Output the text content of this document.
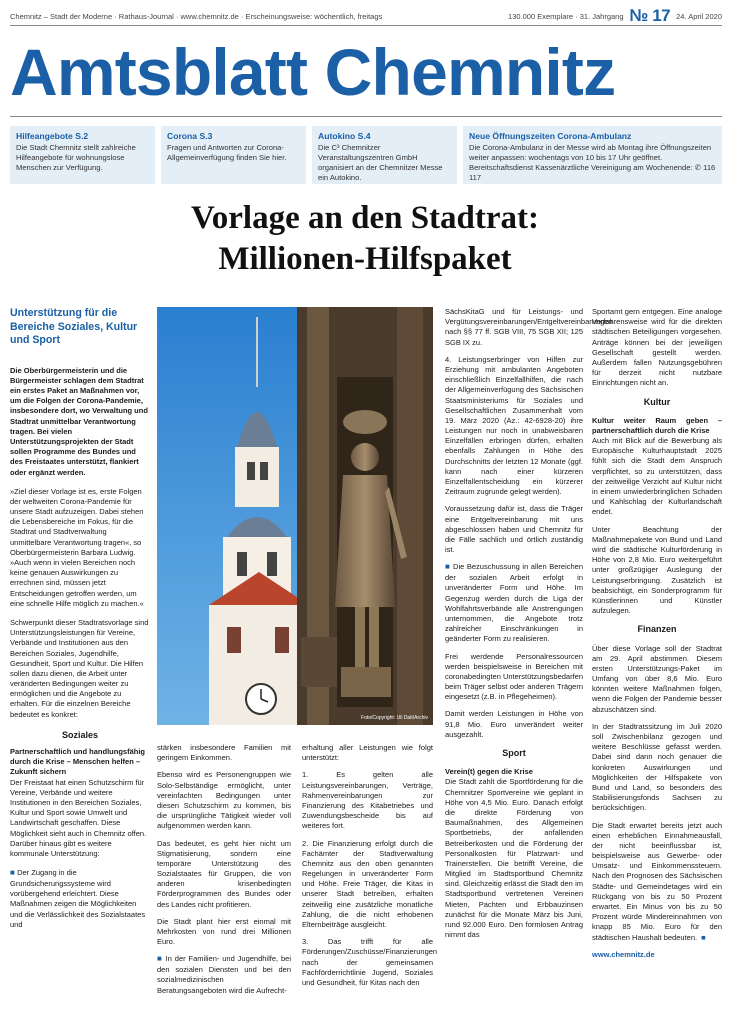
Chemnitz – Stadt der Moderne · Rathaus-Journal · www.chemnitz.de · Erscheinungsweise: wöchentlich, freitags	130.000 Exemplare · 31. Jahrgang № 17 24. April 2020
Amtsblatt Chemnitz
Hilfeangebote S.2
Die Stadt Chemnitz stellt zahlreiche Hilfeangebote für wohnungslose Menschen zur Verfügung.
Corona S.3
Fragen und Antworten zur Corona-Allgemeinverfügung finden Sie hier.
Autokino S.4
Die C³ Chemnitzer Veranstaltungszentren GmbH organisiert an der Chemnitzer Messe ein Autokino.
Neue Öffnungszeiten Corona-Ambulanz
Die Corona-Ambulanz in der Messe wird ab Montag ihre Öffnungszeiten weiter anpassen: wochentags von 10 bis 17 Uhr geöffnet. Bereitschaftsdienst Kassenärztliche Vereinigung am Wochenende: ✆ 116 117
Vorlage an den Stadtrat:
Millionen-Hilfspaket
Unterstützung für die Bereiche Soziales, Kultur und Sport

Die Oberbürgermeisterin und die Bürgermeister schlagen dem Stadtrat ein erstes Paket an Maßnahmen vor, um die Folgen der Corona-Pandemie, insbesondere dort, wo Verwaltung und Stadtrat unmittelbar Verantwortung tragen. Bei vielen Unterstützungsprojekten der Stadt sollen Programme des Bundes und des Freistaates unterstützt, flankiert oder ergänzt werden.

»Ziel dieser Vorlage ist es, erste Folgen der weltweiten Corona-Pandemie für unsere Stadt aufzuzeigen. Dabei stehen die Lebensbereiche im Fokus, für die Stadtrat und Stadtverwaltung unmittelbare Verantwortung tragen«, so Oberbürgermeisterin Barbara Ludwig. »Auch wenn in vielen Bereichen noch keine genauen Auswirkungen zu errechnen sind, müssen jetzt Entscheidungen getroffen werden, um eine schnelle Hilfe möglich zu machen.«

Schwerpunkt dieser Stadtratsvorlage sind Unterstützungsleistungen für Vereine, Verbände und Institutionen aus den Bereichen Soziales, Jugendhilfe, Gesundheit, Sport und Kultur. Die Hilfen sollen dazu dienen, die Arbeit unter veränderten Bedingungen weiter zu ermöglichen und die Angebote zu erhalten. Für die einzelnen Bereiche bedeutet es konkret:

Soziales
Partnerschaftlich und handlungsfähig durch die Krise – Menschen helfen – Zukunft sichern

Der Freistaat hat einen Schutzschirm für Vereine, Verbände und weitere Institutionen in den Bereichen Soziales, Kultur und Sport sowie Umwelt und Landwirtschaft geschaffen. Diese Möglichkeit sieht auch in Chemnitz offen. Darüber hinaus gibt es weitere kommunale Unterstützung:

■ Der Zugang in die Grundsicherungssysteme wird vorübergehend erleichtert. Diese Maßnahmen zeigen die Möglichkeiten und die Verlässlichkeit des Sozialstaates und

Foto/Copyright: Uli Dalt/Archiv

stärken insbesondere Familien mit geringem Einkommen.

Ebenso wird es Personengruppen wie Solo-Selbständige ermöglicht, unter vereinfachten Bedingungen unter diesen Schutzschirm zu kommen, bis die ursprüngliche Tätigkeit wieder voll aufgenommen werden kann.

Das bedeutet, es geht hier nicht um Stigmatisierung, sondern eine temporäre Unterstützung des Sozialstaates für Gruppen, die von anderen krisenbedingten Förderprogrammen des Bundes oder des Landes nicht profitieren.

Die Stadt plant hier erst einmal mit Mehrkosten von rund drei Millionen Euro.

■ In der Familien- und Jugendhilfe, bei den sozialen Diensten und bei den sozialmedizinischen Beratungsangeboten wird die Aufrecht-

erhaltung aller Leistungen wie folgt unterstützt:

1. Es gelten alle Leistungsvereinbarungen, Verträge, Rahmenvereinbarungen zur Finanzierung des Kitabetriebes und Zuwendungsbescheide bis auf weiteres fort.

2. Die Finanzierung erfolgt durch die Fachämter der Stadtverwaltung Chemnitz aus den oben genannten Regelungen in unveränderter Form und Höhe. Freie Träger, die Kitas in unserer Stadt betreiben, erhalten zeitweilig eine zusätzliche monatliche Zahlung, die die nicht erhobenen Elternbeiträge ausgleicht.

3. Das trifft für alle Förderungen/Zuschüsse/Finanzierungen nach der gemeinsamen Fachförderrichtlinie Jugend, Soziales und Gesundheit, für Kitas nach den

SächsKitaG und für Leistungs- und Vergütungsvereinbarungen/Entgeltvereinbarungen nach §§ 77 ff. SGB VIII, 75 SGB XII; 125 SGB IX zu.

4. Leistungserbringer von Hilfen zur Erziehung mit ambulanten Angeboten einschließlich Einzelfallhilfen, die nach der Allgemeinverfügung des Sächsischen Staatsministeriums für Soziales und Gesellschaftlichen Zusammenhalt vom 19. März 2020 (Az.: 42-6928-20) ihre Leistungen nur noch in unabweisbaren Einzelfällen erbringen dürfen, erhalten ebenfalls Zahlungen in Höhe des Durchschnitts der letzten 12 Monate (ggf. kann nach einer kürzeren Einzelfallentscheidung ein kürzerer Zeitraum zugrunde gelegt werden).

Voraussetzung dafür ist, dass die Träger eine Entgeltvereinbarung mit uns abgeschlossen haben und Chemnitz für die Fälle sachlich und örtlich zuständig ist.

■ Die Bezuschussung in allen Bereichen der sozialen Arbeit erfolgt in unveränderter Form und Höhe. Im Gegenzug werden durch die Liga der Wohlfahrtsverbände alle Anstrengungen unternommen, die Angebote trotz zahlreicher Einschränkungen in geänderter Form zu realisieren.

Frei werdende Personalressourcen werden beispielsweise in Bereichen mit coronabedingten Unterstützungsbedarfen beim Träger selbst oder anderen Trägern eingesetzt (z.B. in Pflegeheimen).

Damit werden Leistungen in Höhe von 91,8 Mio. Euro unverändert weiter ausgezahlt.

Sport
Verein(t) gegen die Krise

Die Stadt zahlt die Sportförderung für die Chemnitzer Sportvereine wie geplant in Höhe von 4,5 Mio. Euro. Danach erfolgt die direkte Förderung von Baumaßnahmen, des Allgemeinen Sportbetriebs, der anfallenden Betreiberkosten und die Förderung der Personalkosten für Platzwart- und Trainerstellen. Die betrifft Vereine, die Mitglied im Stadtsportbund Chemnitz sind. Gleichzeitig erlässt die Stadt den im Stadtsportbund vertretenen Vereinen Mieten, Pachten und Erbbauzinsen zunächst für die Monate März bis Juni, rund 92.000 Euro. Den formlosen Antrag nimmt das

Sportamt gern entgegen. Eine analoge Verfahrensweise wird für die direkten städtischen Beteiligungen vorgesehen. Anträge können bei der jeweiligen Gesellschaft gestellt werden. Außerdem fallen Nutzungsgebühren für derzeit nicht nutzbare Einrichtungen nicht an.

Kultur
Kultur weiter Raum geben – partnerschaftlich durch die Krise

Auch mit Blick auf die Bewerbung als Europäische Kulturhauptstadt 2025 fühlt sich die Stadt dem Anspruch verpflichtet, so zu unterstützen, dass der zeitweilige Verzicht auf Kultur nicht in einem unwiederbringlichen Schaden und Kahlschlag der Kulturlandschaft endet.

Unter Beachtung der Maßnahmepakete von Bund und Land wird die städtische Kulturförderung in Höhe von 2,8 Mio. Euro weitergeführt unter großzügiger Auslegung der Leistungserbringung. Zusätzlich ist beabsichtigt, ein Sonderprogramm für Künstlerinnen und Künstler aufzulegen.

Finanzen

Über diese Vorlage soll der Stadtrat am 29. April abstimmen. Diesem ersten Unterstützungs-Paket im Umfang von über 8,6 Mio. Euro könnten weitere Maßnahmen folgen, wenn die Folgen der Pandemie besser abzuschätzen sind.

In der Stadtratssitzung im Juli 2020 soll Zwischenbilanz gezogen und weitere Beschlüsse gefasst werden. Dabei sind dann noch genauer die konkreten Auswirkungen und Möglichkeiten der Hilfspakete von Bund und Land, so besonders des Stabilisierungsfonds Sachsen zu berücksichtigen.

Die Stadt erwartet bereits jetzt auch einen erheblichen Einnahmeausfall, der nicht beeinflussbar ist, beispielsweise aus Gewerbe- oder Umsatz- und Einkommenssteuern. Nach den Prognosen des Sächsischen Städte- und Gemeindetages wird ein Rückgang von bis zu 50 Prozent erwartet. Ein Minus von bis zu 50 Prozent würde Mindereinnahmen von knapp 85 Mio. Euro für den städtischen Haushalt bedeuten. ■

www.chemnitz.de
